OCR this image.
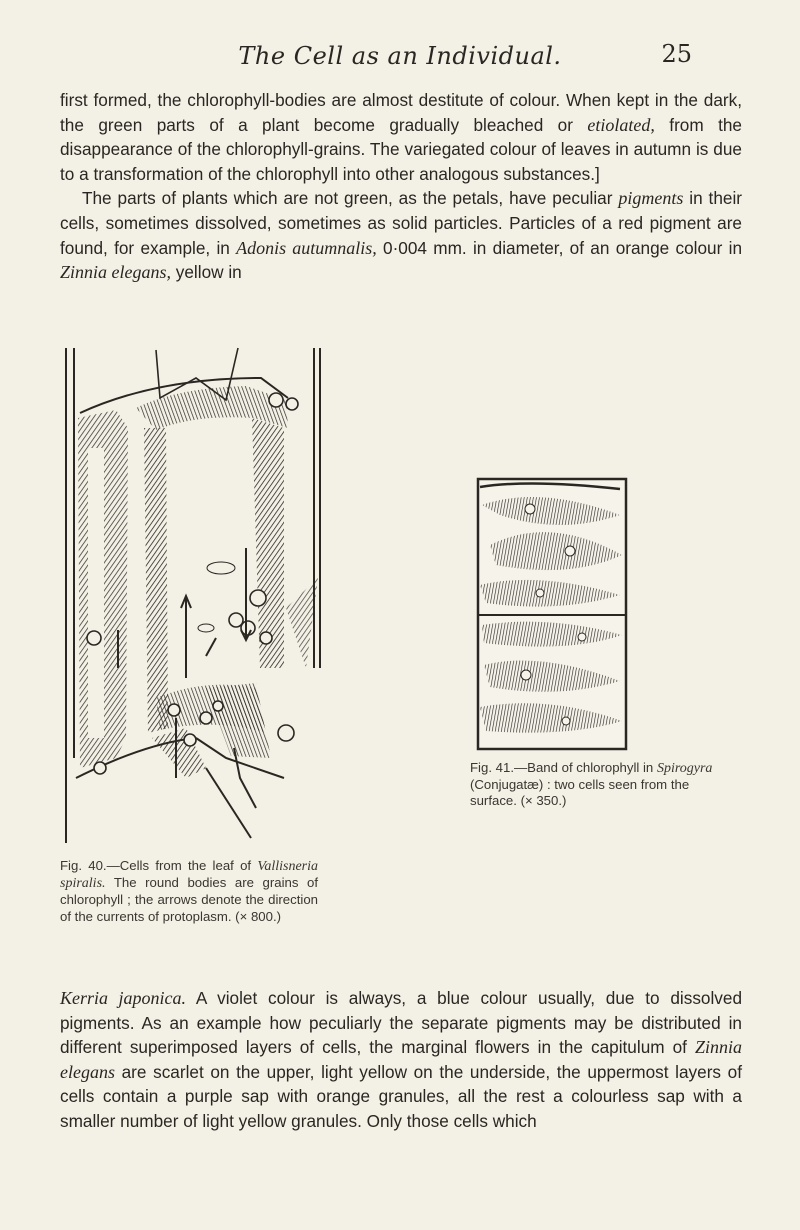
The Cell as an Individual.	25

first formed, the chlorophyll-bodies are almost destitute of colour. When kept in the dark, the green parts of a plant become gradually bleached or etiolated, from the disappearance of the chlorophyll-grains. The variegated colour of leaves in autumn is due to a transformation of the chlorophyll into other analogous substances.]

The parts of plants which are not green, as the petals, have peculiar pigments in their cells, sometimes dissolved, sometimes as solid particles. Particles of a red pigment are found, for example, in Adonis autumnalis, 0·004 mm. in diameter, of an orange colour in Zinnia elegans, yellow in

Fig. 41.—Band of chlorophyll in Spirogyra (Conjugatæ) : two cells seen from the surface. (× 350.)
Fig. 40.—Cells from the leaf of Vallisneria spiralis. The round bodies are grains of chlorophyll ; the arrows denote the direction of the currents of protoplasm. (× 800.)

Kerria japonica. A violet colour is always, a blue colour usually, due to dissolved pigments. As an example how peculiarly the separate pigments may be distributed in different superimposed layers of cells, the marginal flowers in the capitulum of Zinnia elegans are scarlet on the upper, light yellow on the underside, the uppermost layers of cells contain a purple sap with orange granules, all the rest a colourless sap with a smaller number of light yellow granules. Only those cells which
